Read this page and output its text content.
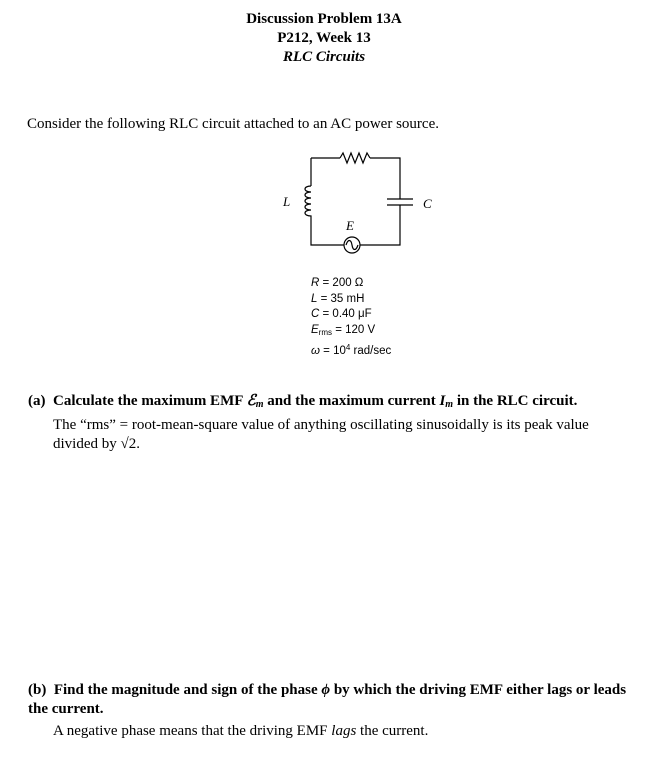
Discussion Problem 13A
P212, Week 13
RLC Circuits
Consider the following RLC circuit attached to an AC power source.
L	C
E
R = 200 Ω
L = 35 mH
C = 0.40 μF
$E_{rms} = 120$ V
$\omega = 10^4$ rad/sec
(a) Calculate the maximum EMF ℰ$_m$ and the maximum current $I_m$ in the RLC circuit.
The “rms” = root-mean-square value of anything oscillating sinusoidally is its peak value divided by √2.
(b) Find the magnitude and sign of the phase ϕ by which the driving EMF either lags or leads the current.
A negative phase means that the driving EMF lags the current.
